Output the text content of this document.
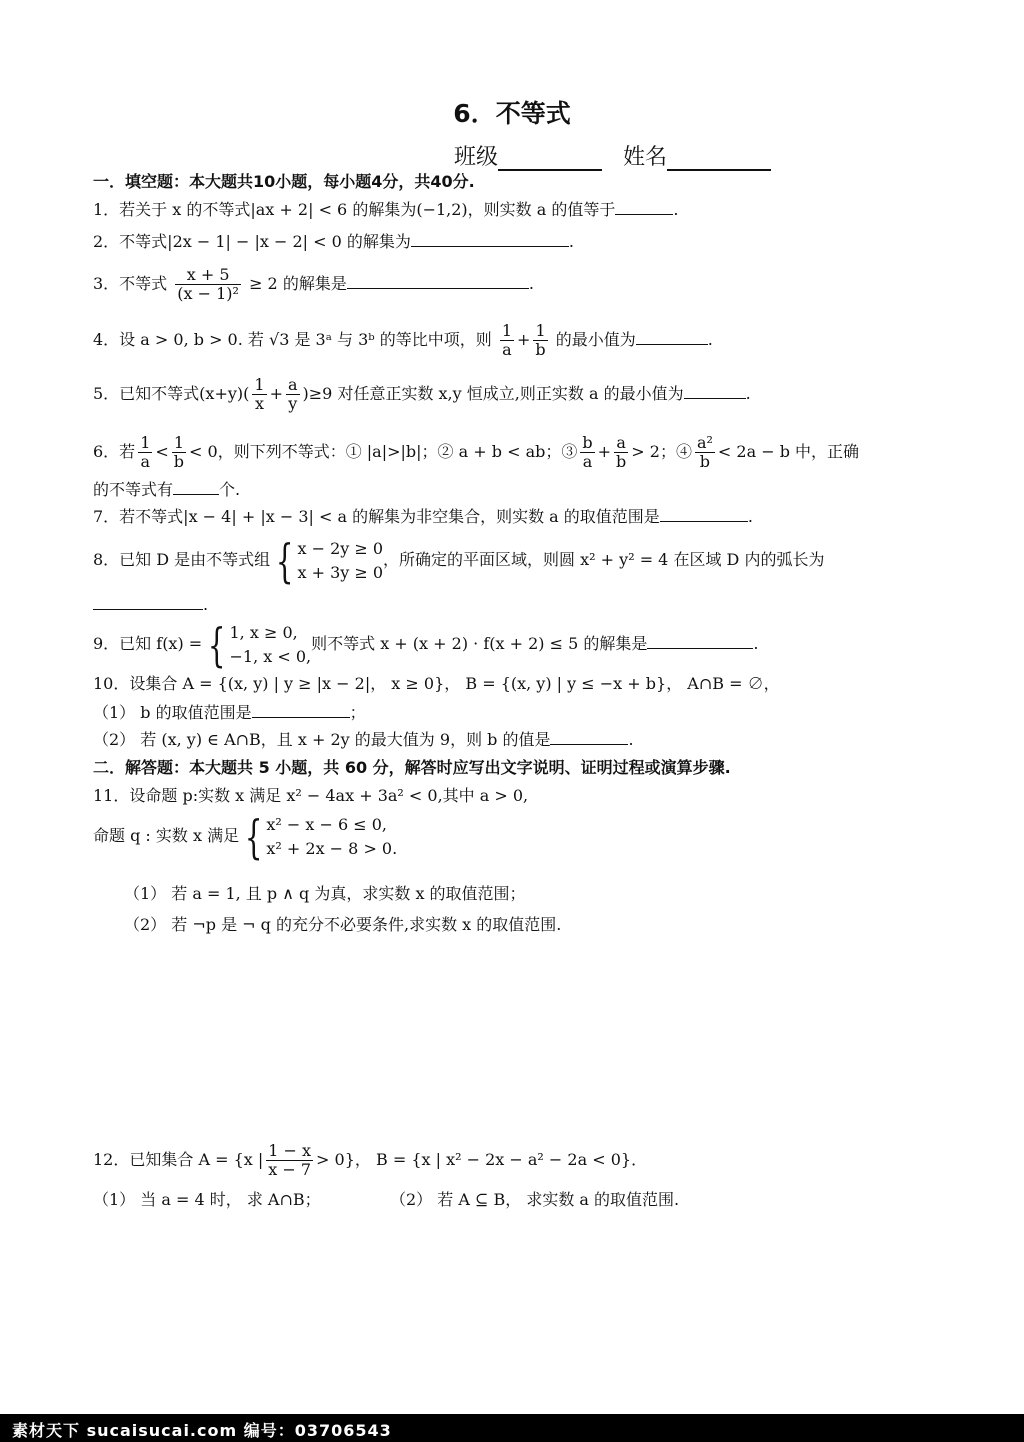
6．不等式
班级	姓名
一．填空题：本大题共10小题，每小题4分，共40分.
1．若关于 x 的不等式|ax + 2| < 6 的解集为(−1,2)，则实数 a 的值等于	.
2．不等式|2x − 1| − |x − 2| < 0 的解集为	.
3．不等式 $\frac{x + 5}{\text{(x − 1)²}} \ge 2$ 的解集是	.
4．设 a > 0, b > 0. 若 √3 是 3ᵃ 与 3ᵇ 的等比中项，则 $\frac{1}{a} + \frac{1}{b}$ 的最小值为	.
5．已知不等式$(x+y)( \frac{1}{x} + \frac{a}{y} )\ge 9$ 对任意正实数 x,y 恒成立,则正实数 a 的最小值为	.
6．若 $\frac{1}{a} < \frac{1}{b} < 0$，则下列不等式：① |a|>|b|；② a + b < ab；③ $\frac{b}{a} + \frac{a}{b} > 2$；④ $\frac{\text{a²}}{b} < 2a - b$ 中，正确
的不等式有	个.
7．若不等式|x − 4| + |x − 3| < a 的解集为非空集合，则实数 a 的取值范围是	.
8．已知 D 是由不等式组 { x − 2y ≥ 0
x + 3y ≥ 0
，所确定的平面区域，则圆 x² + y² = 4 在区域 D 内的弧长为
.
9．已知 f(x) = { 1, x ≥ 0,
−1, x < 0,
则不等式 x + (x + 2) · f(x + 2) ≤ 5 的解集是	.
10．设集合 A = {(x, y) | y ≥ |x − 2|， x ≥ 0}， B = {(x, y) | y ≤ −x + b}， A∩B = ∅，
（1） b 的取值范围是	；
（2） 若 (x, y) ∈ A∩B，且 x + 2y 的最大值为 9，则 b 的值是	.
二．解答题：本大题共 5 小题，共 60 分，解答时应写出文字说明、证明过程或演算步骤.
11．设命题 p:实数 x 满足 x² − 4ax + 3a² < 0,其中 a > 0,
命题 q : 实数 x 满足 { x² − x − 6 ≤ 0,
x² + 2x − 8 > 0.
（1） 若 a = 1, 且 p ∧ q 为真，求实数 x 的取值范围；
（2） 若 ¬p 是 ¬ q 的充分不必要条件,求实数 x 的取值范围.
12．已知集合 A = {x | $\frac{1 - x}{x - 7} > 0$}， B = {x | x² − 2x − a² − 2a < 0}．
（1） 当 a = 4 时， 求 A∩B；	（2） 若 A ⊆ B， 求实数 a 的取值范围.
素材天下 sucaisucai.com 编号：03706543
